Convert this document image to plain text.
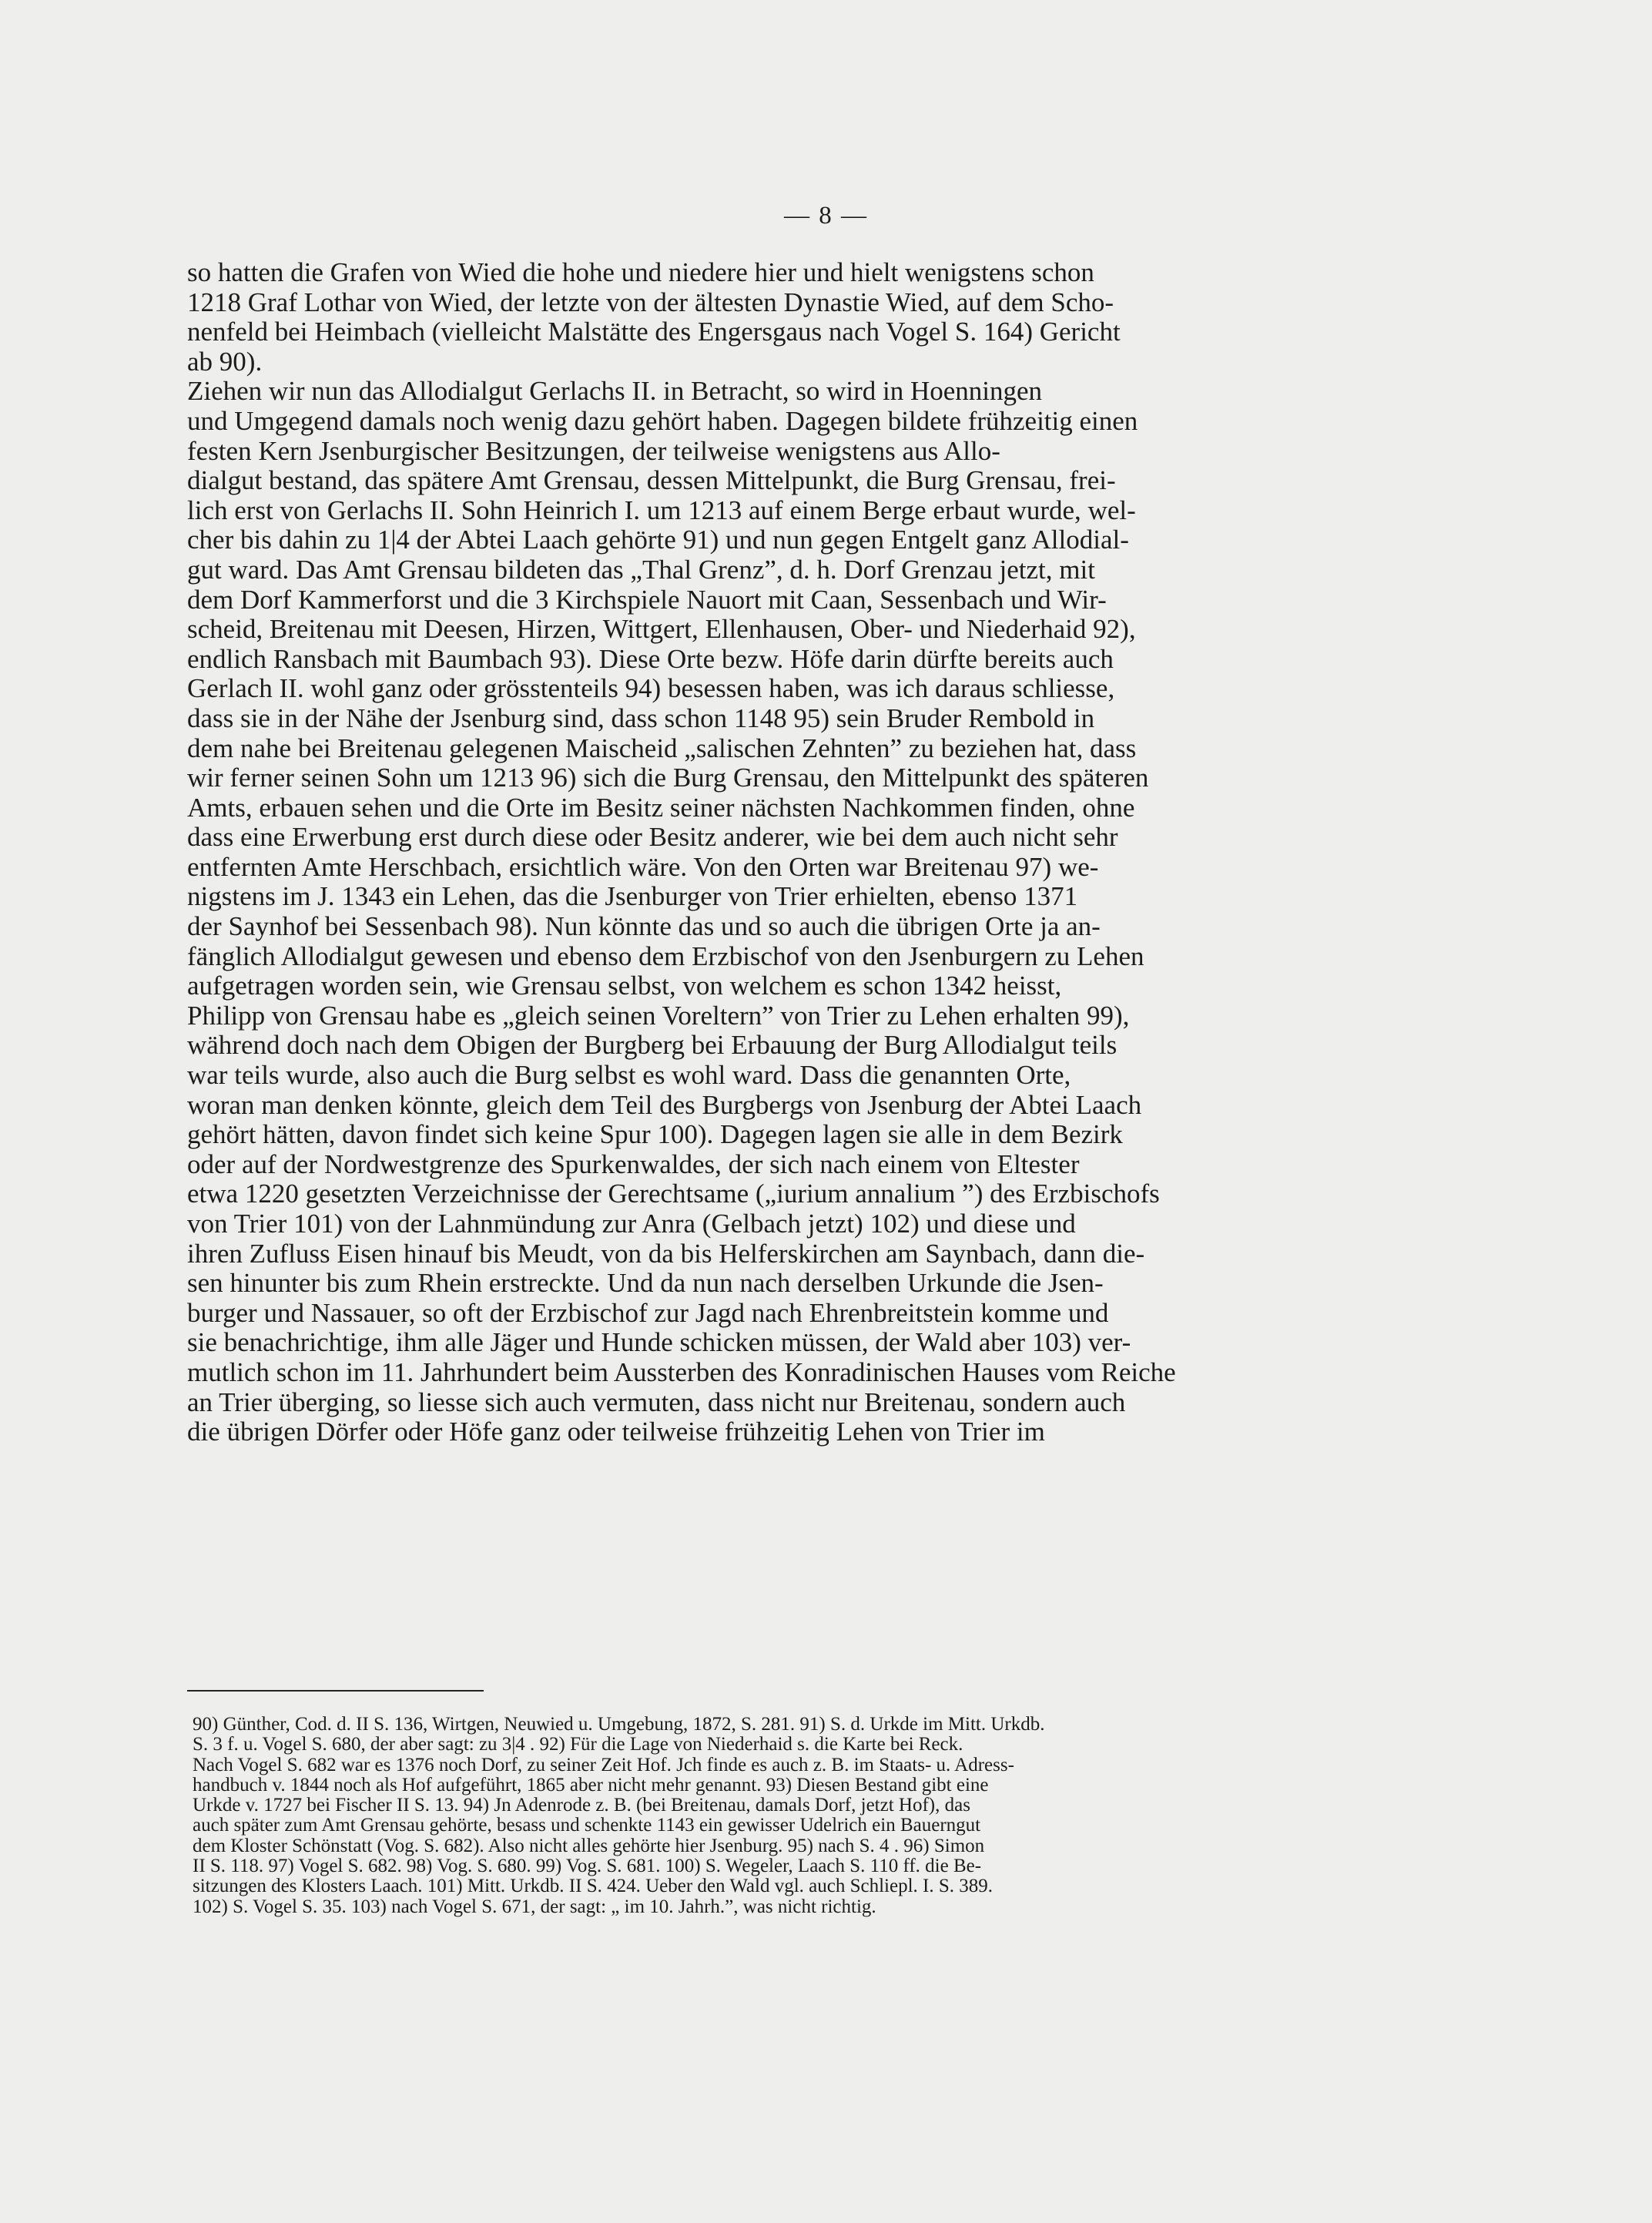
— 8 —
so hatten die Grafen von Wied die hohe und niedere hier und hielt wenigstens schon
1218 Graf Lothar von Wied, der letzte von der ältesten Dynastie Wied, auf dem Scho-
nenfeld bei Heimbach (vielleicht Malstätte des Engersgaus nach Vogel S. 164) Gericht
ab 90).
Ziehen wir nun das Allodialgut Gerlachs II. in Betracht, so wird in Hoenningen
und Umgegend damals noch wenig dazu gehört haben. Dagegen bildete frühzeitig einen
festen Kern Jsenburgischer Besitzungen, der teilweise wenigstens aus Allo-
dialgut bestand, das spätere Amt Grensau, dessen Mittelpunkt, die Burg Grensau, frei-
lich erst von Gerlachs II. Sohn Heinrich I. um 1213 auf einem Berge erbaut wurde, wel-
cher bis dahin zu 1|4 der Abtei Laach gehörte 91) und nun gegen Entgelt ganz Allodial-
gut ward. Das Amt Grensau bildeten das „Thal Grenz”, d. h. Dorf Grenzau jetzt, mit
dem Dorf Kammerforst und die 3 Kirchspiele Nauort mit Caan, Sessenbach und Wir-
scheid, Breitenau mit Deesen, Hirzen, Wittgert, Ellenhausen, Ober- und Niederhaid 92),
endlich Ransbach mit Baumbach 93). Diese Orte bezw. Höfe darin dürfte bereits auch
Gerlach II. wohl ganz oder grösstenteils 94) besessen haben, was ich daraus schliesse,
dass sie in der Nähe der Jsenburg sind, dass schon 1148 95) sein Bruder Rembold in
dem nahe bei Breitenau gelegenen Maischeid „salischen Zehnten” zu beziehen hat, dass
wir ferner seinen Sohn um 1213 96) sich die Burg Grensau, den Mittelpunkt des späteren
Amts, erbauen sehen und die Orte im Besitz seiner nächsten Nachkommen finden, ohne
dass eine Erwerbung erst durch diese oder Besitz anderer, wie bei dem auch nicht sehr
entfernten Amte Herschbach, ersichtlich wäre. Von den Orten war Breitenau 97) we-
nigstens im J. 1343 ein Lehen, das die Jsenburger von Trier erhielten, ebenso 1371
der Saynhof bei Sessenbach 98). Nun könnte das und so auch die übrigen Orte ja an-
fänglich Allodialgut gewesen und ebenso dem Erzbischof von den Jsenburgern zu Lehen
aufgetragen worden sein, wie Grensau selbst, von welchem es schon 1342 heisst,
Philipp von Grensau habe es „gleich seinen Voreltern” von Trier zu Lehen erhalten 99),
während doch nach dem Obigen der Burgberg bei Erbauung der Burg Allodialgut teils
war teils wurde, also auch die Burg selbst es wohl ward. Dass die genannten Orte,
woran man denken könnte, gleich dem Teil des Burgbergs von Jsenburg der Abtei Laach
gehört hätten, davon findet sich keine Spur 100). Dagegen lagen sie alle in dem Bezirk
oder auf der Nordwestgrenze des Spurkenwaldes, der sich nach einem von Eltester
etwa 1220 gesetzten Verzeichnisse der Gerechtsame („iurium annalium ”) des Erzbischofs
von Trier 101) von der Lahnmündung zur Anra (Gelbach jetzt) 102) und diese und
ihren Zufluss Eisen hinauf bis Meudt, von da bis Helferskirchen am Saynbach, dann die-
sen hinunter bis zum Rhein erstreckte. Und da nun nach derselben Urkunde die Jsen-
burger und Nassauer, so oft der Erzbischof zur Jagd nach Ehrenbreitstein komme und
sie benachrichtige, ihm alle Jäger und Hunde schicken müssen, der Wald aber 103) ver-
mutlich schon im 11. Jahrhundert beim Aussterben des Konradinischen Hauses vom Reiche
an Trier überging, so liesse sich auch vermuten, dass nicht nur Breitenau, sondern auch
die übrigen Dörfer oder Höfe ganz oder teilweise frühzeitig Lehen von Trier im
90) Günther, Cod. d. II S. 136, Wirtgen, Neuwied u. Umgebung, 1872, S. 281. 91) S. d. Urkde im Mitt. Urkdb.
S. 3 f. u. Vogel S. 680, der aber sagt: zu 3|4 . 92) Für die Lage von Niederhaid s. die Karte bei Reck.
Nach Vogel S. 682 war es 1376 noch Dorf, zu seiner Zeit Hof. Jch finde es auch z. B. im Staats- u. Adress-
handbuch v. 1844 noch als Hof aufgeführt, 1865 aber nicht mehr genannt. 93) Diesen Bestand gibt eine
Urkde v. 1727 bei Fischer II S. 13. 94) Jn Adenrode z. B. (bei Breitenau, damals Dorf, jetzt Hof), das
auch später zum Amt Grensau gehörte, besass und schenkte 1143 ein gewisser Udelrich ein Bauerngut
dem Kloster Schönstatt (Vog. S. 682). Also nicht alles gehörte hier Jsenburg. 95) nach S. 4 . 96) Simon
II S. 118. 97) Vogel S. 682. 98) Vog. S. 680. 99) Vog. S. 681. 100) S. Wegeler, Laach S. 110 ff. die Be-
sitzungen des Klosters Laach. 101) Mitt. Urkdb. II S. 424. Ueber den Wald vgl. auch Schliepl. I. S. 389.
102) S. Vogel S. 35. 103) nach Vogel S. 671, der sagt: „ im 10. Jahrh.”, was nicht richtig.
